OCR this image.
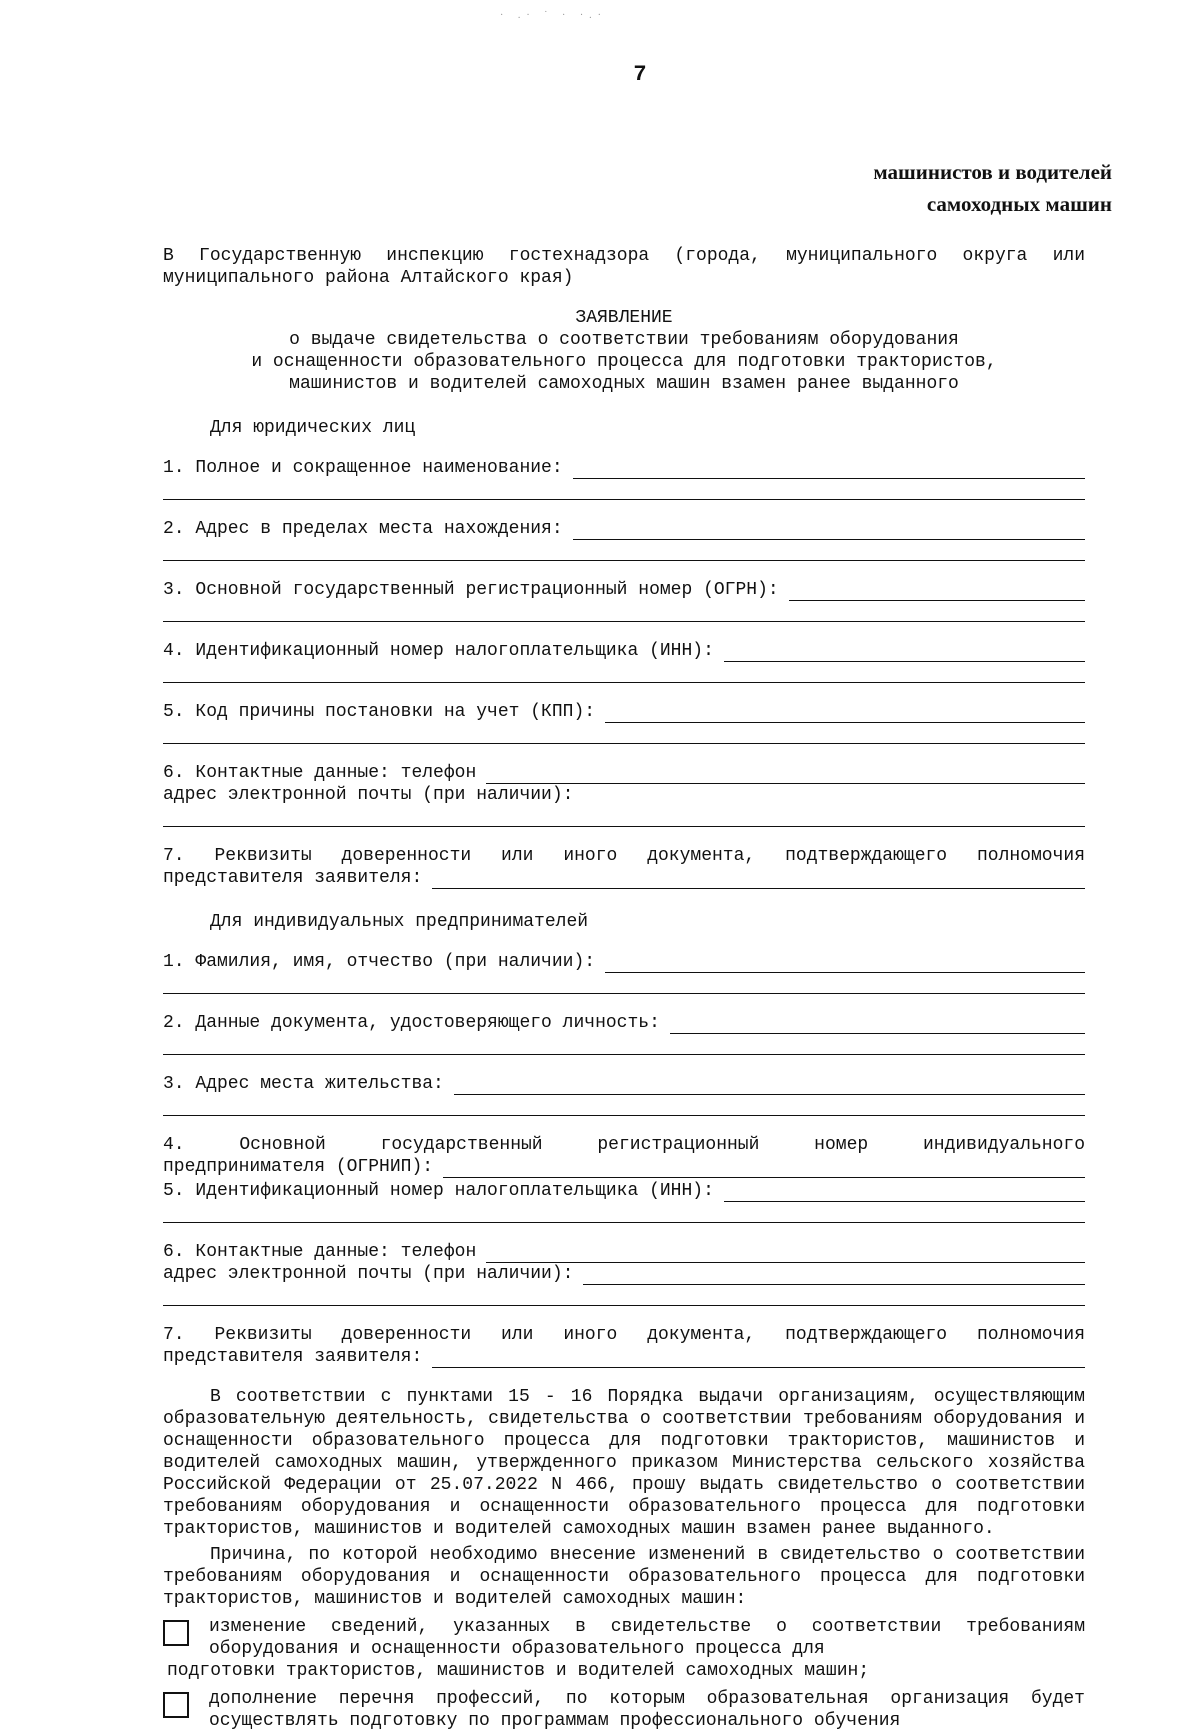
· .· ˙ · ·.·
7
машинистов и водителей
самоходных машин

В Государственную инспекцию гостехнадзора (города, муниципального округа или муниципального района Алтайского края)

ЗАЯВЛЕНИЕ
о выдаче свидетельства о соответствии требованиям оборудования
и оснащенности образовательного процесса для подготовки трактористов,
машинистов и водителей самоходных машин взамен ранее выданного
Для юридических лиц
1. Полное и сокращенное наименование:
2. Адрес в пределах места нахождения:
3. Основной государственный регистрационный номер (ОГРН):
4. Идентификационный номер налогоплательщика (ИНН):
5. Код причины постановки на учет (КПП):
6. Контактные данные: телефон
адрес электронной почты (при наличии):
7. Реквизиты доверенности или иного документа, подтверждающего полномочия
представителя заявителя:
Для индивидуальных предпринимателей
1. Фамилия, имя, отчество (при наличии):
2. Данные документа, удостоверяющего личность:
3. Адрес места жительства:
4. Основной государственный регистрационный номер индивидуального
предпринимателя (ОГРНИП):
5. Идентификационный номер налогоплательщика (ИНН):
6. Контактные данные: телефон
адрес электронной почты (при наличии):
7. Реквизиты доверенности или иного документа, подтверждающего полномочия
представителя заявителя:

В соответствии с пунктами 15 - 16 Порядка выдачи организациям, осуществляющим образовательную деятельность, свидетельства о соответствии требованиям оборудования и оснащенности образовательного процесса для подготовки трактористов, машинистов и водителей самоходных машин, утвержденного приказом Министерства сельского хозяйства Российской Федерации от 25.07.2022 N 466, прошу выдать свидетельство о соответствии требованиям оборудования и оснащенности образовательного процесса для подготовки трактористов, машинистов и водителей самоходных машин взамен ранее выданного.

Причина, по которой необходимо внесение изменений в свидетельство о соответствии требованиям оборудования и оснащенности образовательного процесса для подготовки трактористов, машинистов и водителей самоходных машин:

изменение сведений, указанных в свидетельстве о соответствии требованиям оборудования и оснащенности образовательного процесса для
подготовки трактористов, машинистов и водителей самоходных машин;
дополнение перечня профессий, по которым образовательная организация будет осуществлять подготовку по программам профессионального обучения
